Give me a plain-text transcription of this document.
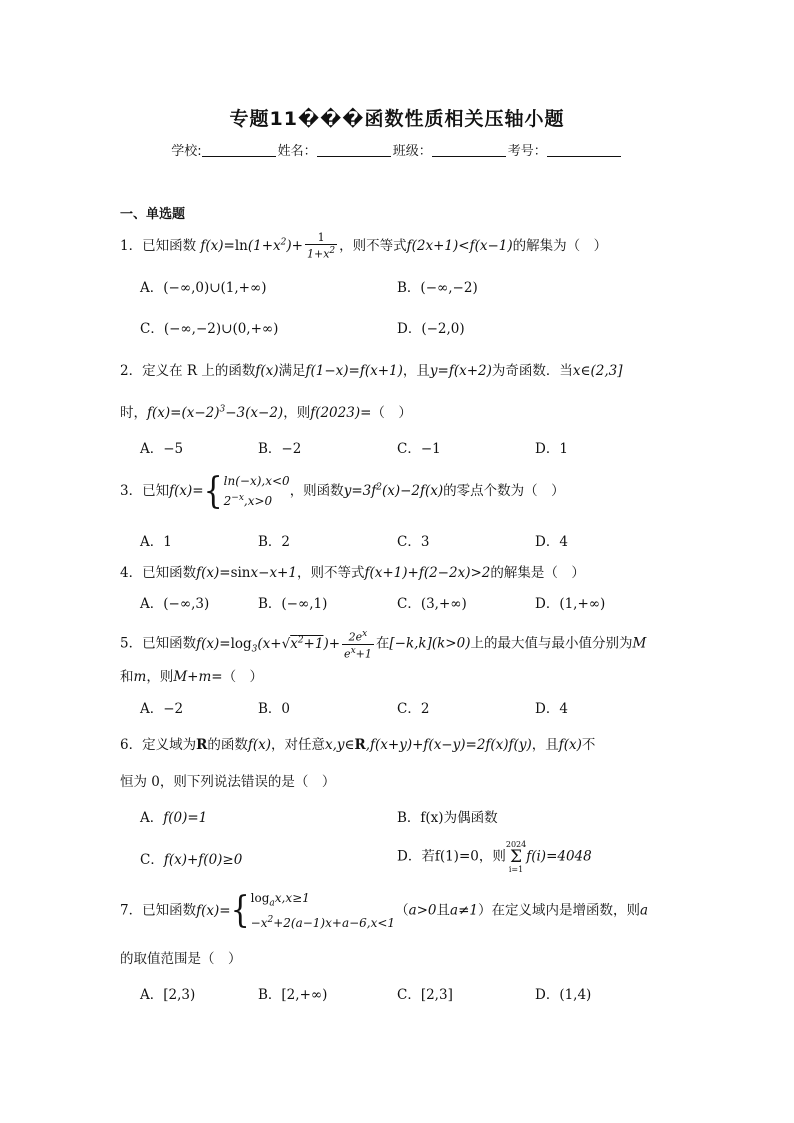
专题11���函数性质相关压轴小题
学校:	姓名：	班级：	考号：
一、单选题
1．已知函数 $f(x)=\ln(1+x^2)+ \frac{1}{1+x^2}$ ，则不等式f(2x+1)<f(x−1)的解集为（　）
A．(−∞,0)∪(1,+∞)	B．(−∞,−2)
C．(−∞,−2)∪(0,+∞)	D．(−2,0)
2．定义在 R 上的函数f(x)满足f(1−x)=f(x+1)，且y=f(x+2)为奇函数．当x∈(2,3]
时，$f(x)=(x-2)^3-3(x-2)$，则f(2023)=（　）
A．−5	B．−2	C．−1	D．1
3．已知f(x)={ ln(−x),x<0
$2^{-x},x>0$
，则函数$y=3f^2(x)-2f(x)$的零点个数为（　）
A．1	B．2	C．3	D．4
4．已知函数f(x)=sinx−x+1，则不等式f(x+1)+f(2−2x)>2的解集是（　）
A．(−∞,3)	B．(−∞,1)	C．(3,+∞)	D．(1,+∞)
5．已知函数$f(x)=\log_3(x+√x^2+1)+ \frac{2e^x}{e^x+1}$ 在[−k,k](k>0)上的最大值与最小值分别为M
和m，则M+m=（　）
A．−2	B．0	C．2	D．4
6．定义域为R的函数f(x)，对任意x,y∈R,f(x+y)+f(x−y)=2f(x)f(y)，且f(x)不
恒为 0，则下列说法错误的是（　）
A．f(0)=1	B．f(x)为偶函数
C．f(x)+f(0)≥0	D．若f(1)=0，则2024
Σ
i=1f(i)=4048
7．已知函数f(x)={ $\log_ax,x\ge 1$
$-x^2+2(a-1)x+a-6,x<1$
（a>0且a≠1）在定义域内是增函数，则a
的取值范围是（　）
A．[2,3)	B．[2,+∞)	C．[2,3]	D．(1,4)
